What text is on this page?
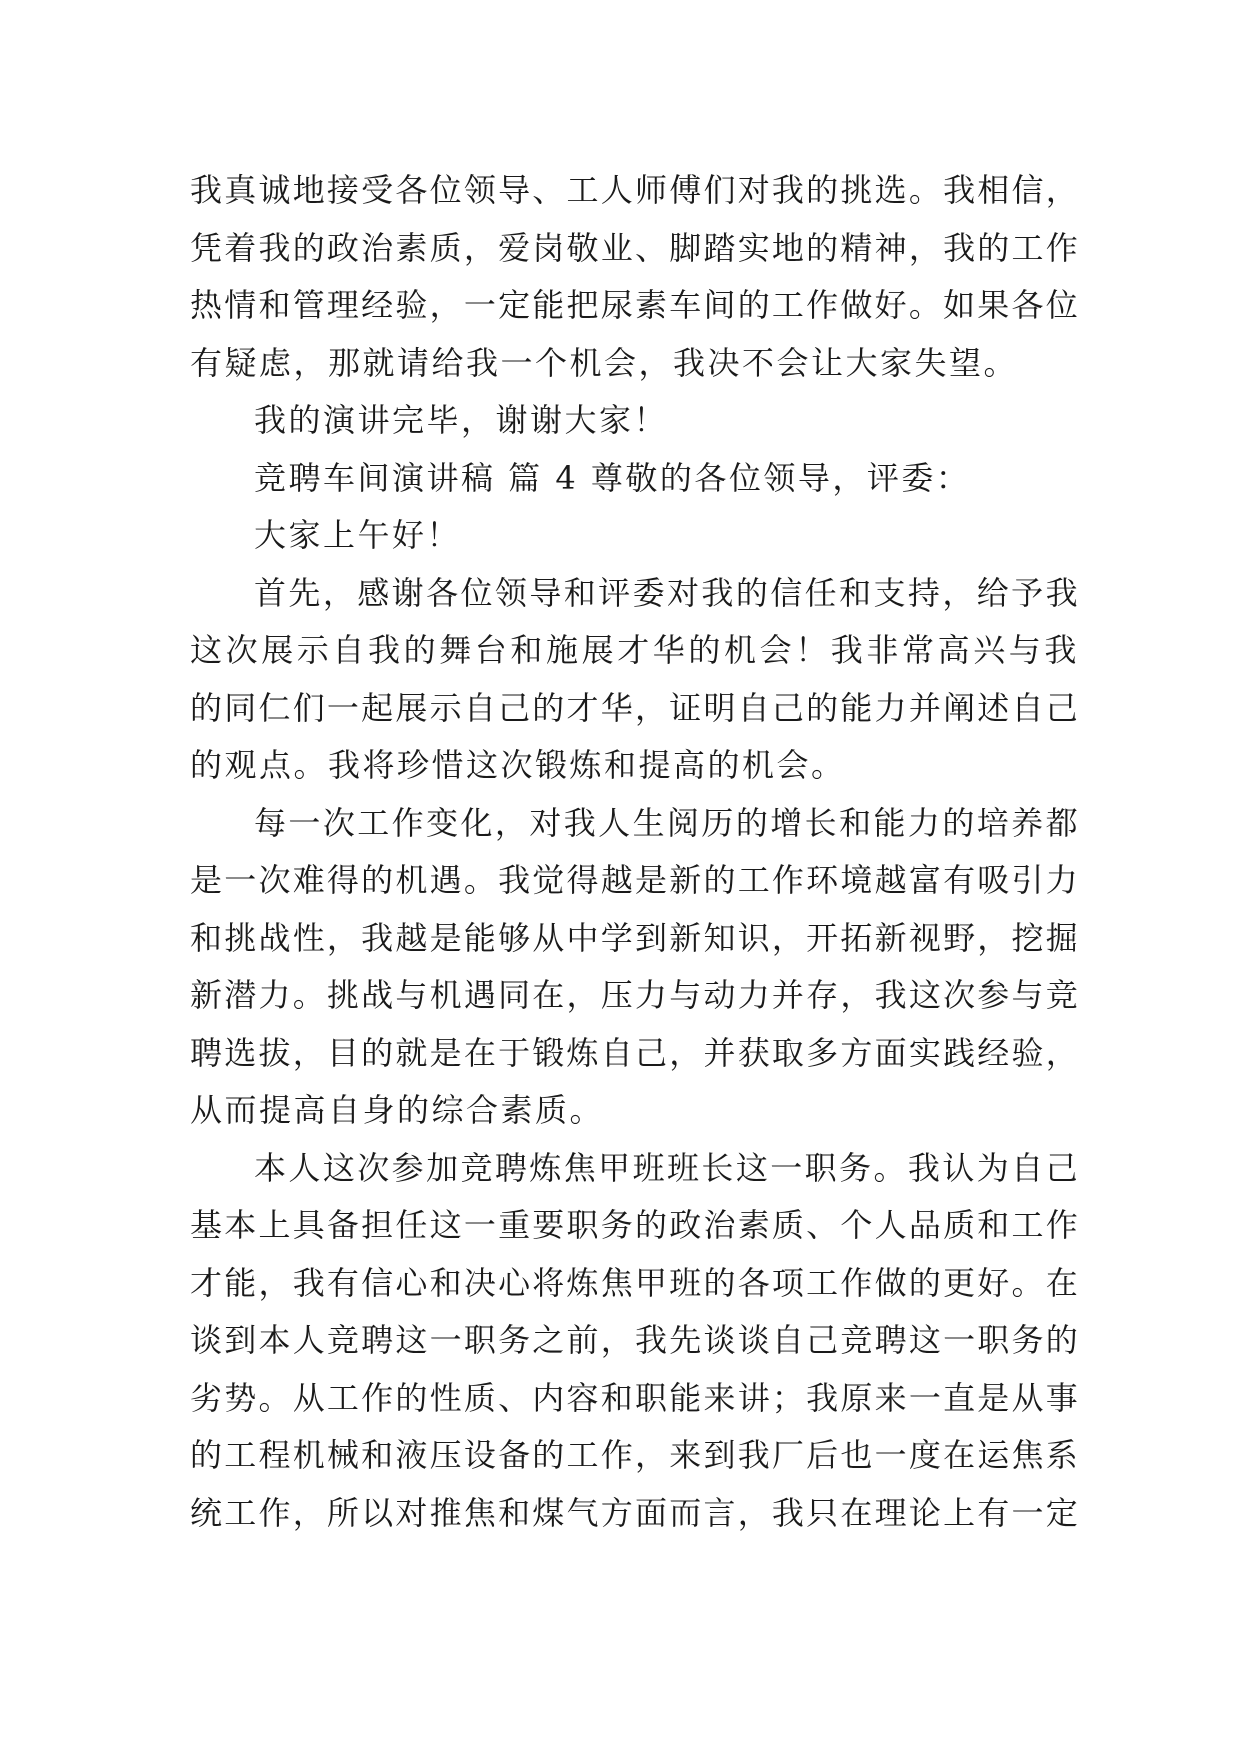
我真诚地接受各位领导、工人师傅们对我的挑选。我相信，
凭着我的政治素质，爱岗敬业、脚踏实地的精神，我的工作
热情和管理经验，一定能把尿素车间的工作做好。如果各位
有疑虑，那就请给我一个机会，我决不会让大家失望。
我的演讲完毕，谢谢大家！
竞聘车间演讲稿 篇 4 尊敬的各位领导，评委：
大家上午好！
首先，感谢各位领导和评委对我的信任和支持，给予我
这次展示自我的舞台和施展才华的机会！我非常高兴与我
的同仁们一起展示自己的才华，证明自己的能力并阐述自己
的观点。我将珍惜这次锻炼和提高的机会。
每一次工作变化，对我人生阅历的增长和能力的培养都
是一次难得的机遇。我觉得越是新的工作环境越富有吸引力
和挑战性，我越是能够从中学到新知识，开拓新视野，挖掘
新潜力。挑战与机遇同在，压力与动力并存，我这次参与竞
聘选拔，目的就是在于锻炼自己，并获取多方面实践经验，
从而提高自身的综合素质。
本人这次参加竞聘炼焦甲班班长这一职务。我认为自己
基本上具备担任这一重要职务的政治素质、个人品质和工作
才能，我有信心和决心将炼焦甲班的各项工作做的更好。在
谈到本人竞聘这一职务之前，我先谈谈自己竞聘这一职务的
劣势。从工作的性质、内容和职能来讲；我原来一直是从事
的工程机械和液压设备的工作，来到我厂后也一度在运焦系
统工作，所以对推焦和煤气方面而言，我只在理论上有一定
